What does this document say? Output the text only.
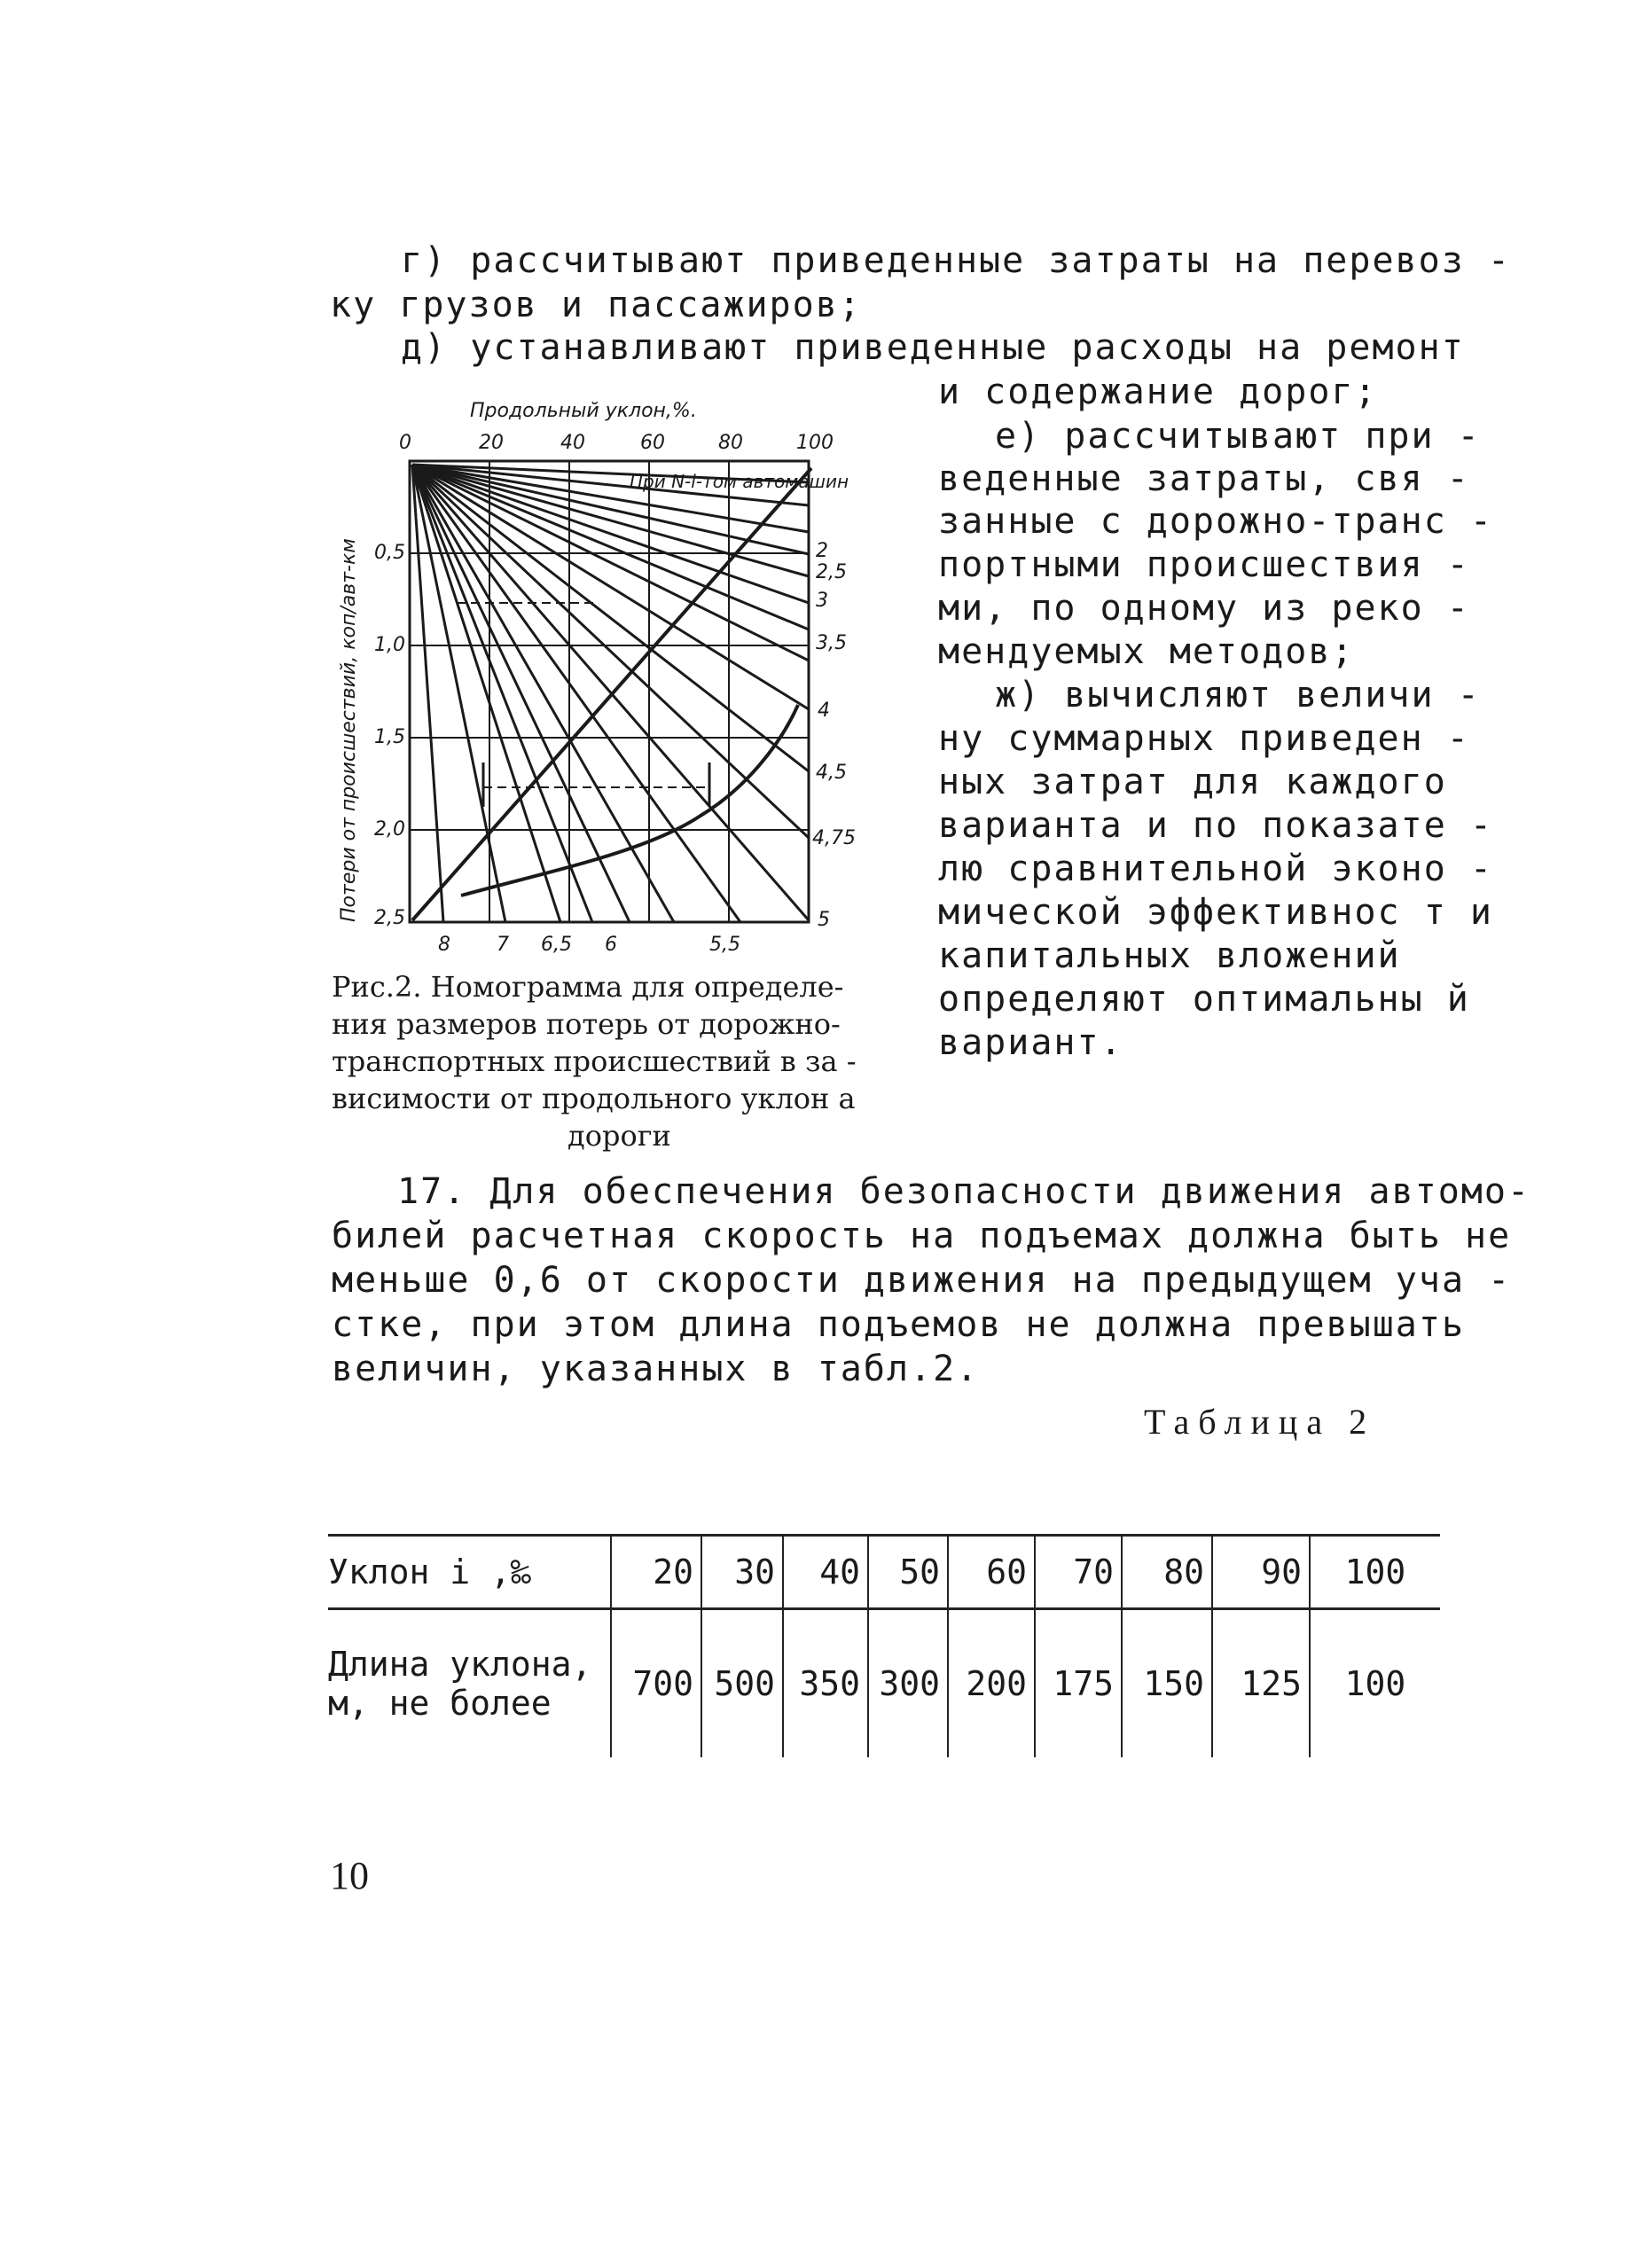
г) рассчитывают приведенные затраты на перевоз -
ку грузов и пассажиров;
д) устанавливают приведенные расходы на ремонт
и содержание дорог;
е) рассчитывают при -
веденные затраты, свя -
занные с дорожно-транс -
портными происшествия -
ми, по одному из реко -
мендуемых методов;
ж) вычисляют величи -
ну суммарных приведен -
ных затрат для каждого
варианта и по показате -
лю сравнительной эконо -
мической эффективнос т и
капитальных вложений
определяют оптимальны й
вариант.
Продольный уклон,%.
0	20	40	60	80	100
0,5
1,0
1,5
2,0
2,5
2
2,5
3
3,5
4
4,5
4,75
5
8 7 6,5 6	5,5
При N-i-том автомашин
Потери от происшествий, коп/авт-км
Рис.2. Номограмма для определе-
ния размеров потерь от дорожно-
транспортных происшествий в за -
висимости от продольного уклон а
дороги
17. Для обеспечения безопасности движения автомо-
билей расчетная скорость на подъемах должна быть не
меньше 0,6 от скорости движения на предыдущем уча -
стке, при этом длина подъемов не должна превышать
величин, указанных в табл.2.
Таблица 2
Уклон i ,‰	20	30	40	50	60	70	80	90	100

Длина уклона,
м, не более	700	500	350	300	200	175	150	125	100
10
